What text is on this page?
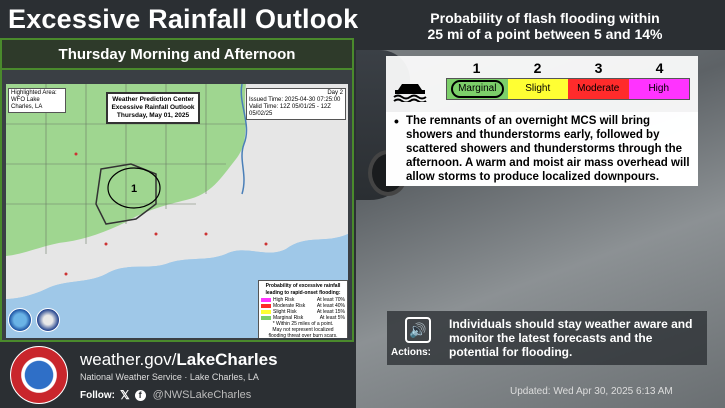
Excessive Rainfall Outlook	Probability of flash flooding within
25 mi of a point between 5 and 14%
Thursday Morning and Afternoon
1
Highlighted Area:
WFO Lake Charles, LA
Weather Prediction Center
Excessive Rainfall Outlook
Thursday, May 01, 2025
Day 2
Issued Time: 2025-04-30 07:25:00
Valid Time: 12Z 05/01/25 - 12Z 05/02/25
Probability of excessive rainfall
leading to rapid-onset flooding:
High Risk	At least 70%
Moderate Risk At least 40%
Slight Risk	At least 15%
Marginal Risk	At least 5%
* Within 25 miles of a point.
May not represent localized
flooding threat over burn scars.
1	2	3	4
Marginal	Slight	Moderate	High
• The remnants of an overnight MCS will bring showers and thunderstorms early, followed by scattered showers and thunderstorms through the afternoon. A warm and moist air mass overhead will allow storms to produce localized downpours.
🔊
Actions:
Individuals should stay weather aware and monitor the latest forecasts and the potential for flooding.
weather.gov/LakeCharles
National Weather Service · Lake Charles, LA
Follow: 𝕏	f	@NWSLakeCharles	Updated: Wed Apr 30, 2025 6:13 AM
